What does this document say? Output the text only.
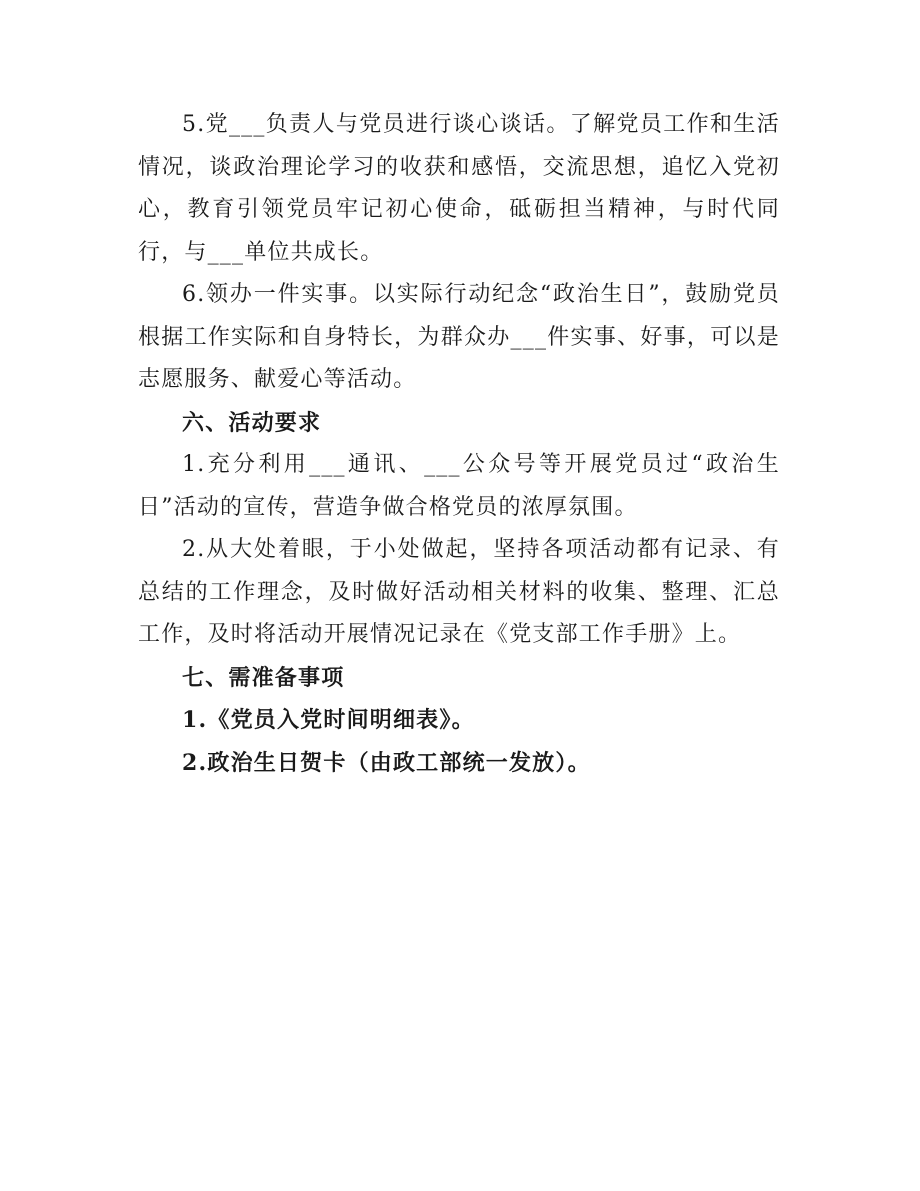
5.党___负责人与党员进行谈心谈话。了解党员工作和生活情况，谈政治理论学习的收获和感悟，交流思想，追忆入党初心，教育引领党员牢记初心使命，砥砺担当精神，与时代同行，与___单位共成长。

6.领办一件实事。以实际行动纪念“政治生日”，鼓励党员根据工作实际和自身特长，为群众办___件实事、好事，可以是志愿服务、献爱心等活动。

六、活动要求

1.充分利用___通讯、___公众号等开展党员过“政治生日”活动的宣传，营造争做合格党员的浓厚氛围。

2.从大处着眼，于小处做起，坚持各项活动都有记录、有总结的工作理念，及时做好活动相关材料的收集、整理、汇总工作，及时将活动开展情况记录在《党支部工作手册》上。

七、需准备事项

1.《党员入党时间明细表》。

2.政治生日贺卡（由政工部统一发放）。
